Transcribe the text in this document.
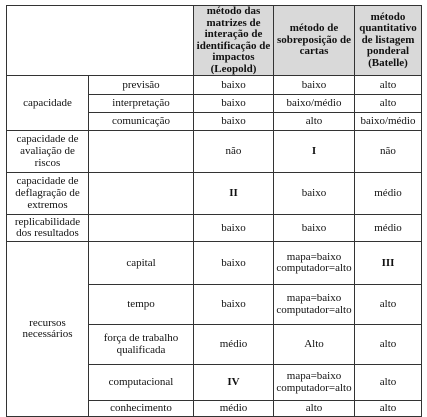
		método das matrizes de interação de identificação de impactos (Leopold)	método de sobreposição de cartas	método quantitativo de listagem ponderal (Batelle)
capacidade	previsão	baixo	baixo	alto
	interpretação	baixo	baixo/médio	alto
	comunicação	baixo	alto	baixo/médio
capacidade de avaliação de riscos		não	I	não
capacidade de deflagração de extremos		II	baixo	médio
replicabilidade dos resultados		baixo	baixo	médio
recursos necessários	capital	baixo	mapa=baixo computador=alto	III
	tempo	baixo	mapa=baixo computador=alto	alto
	força de trabalho qualificada	médio	Alto	alto
	computacional	IV	mapa=baixo computador=alto	alto
	conhecimento	médio	alto	alto
